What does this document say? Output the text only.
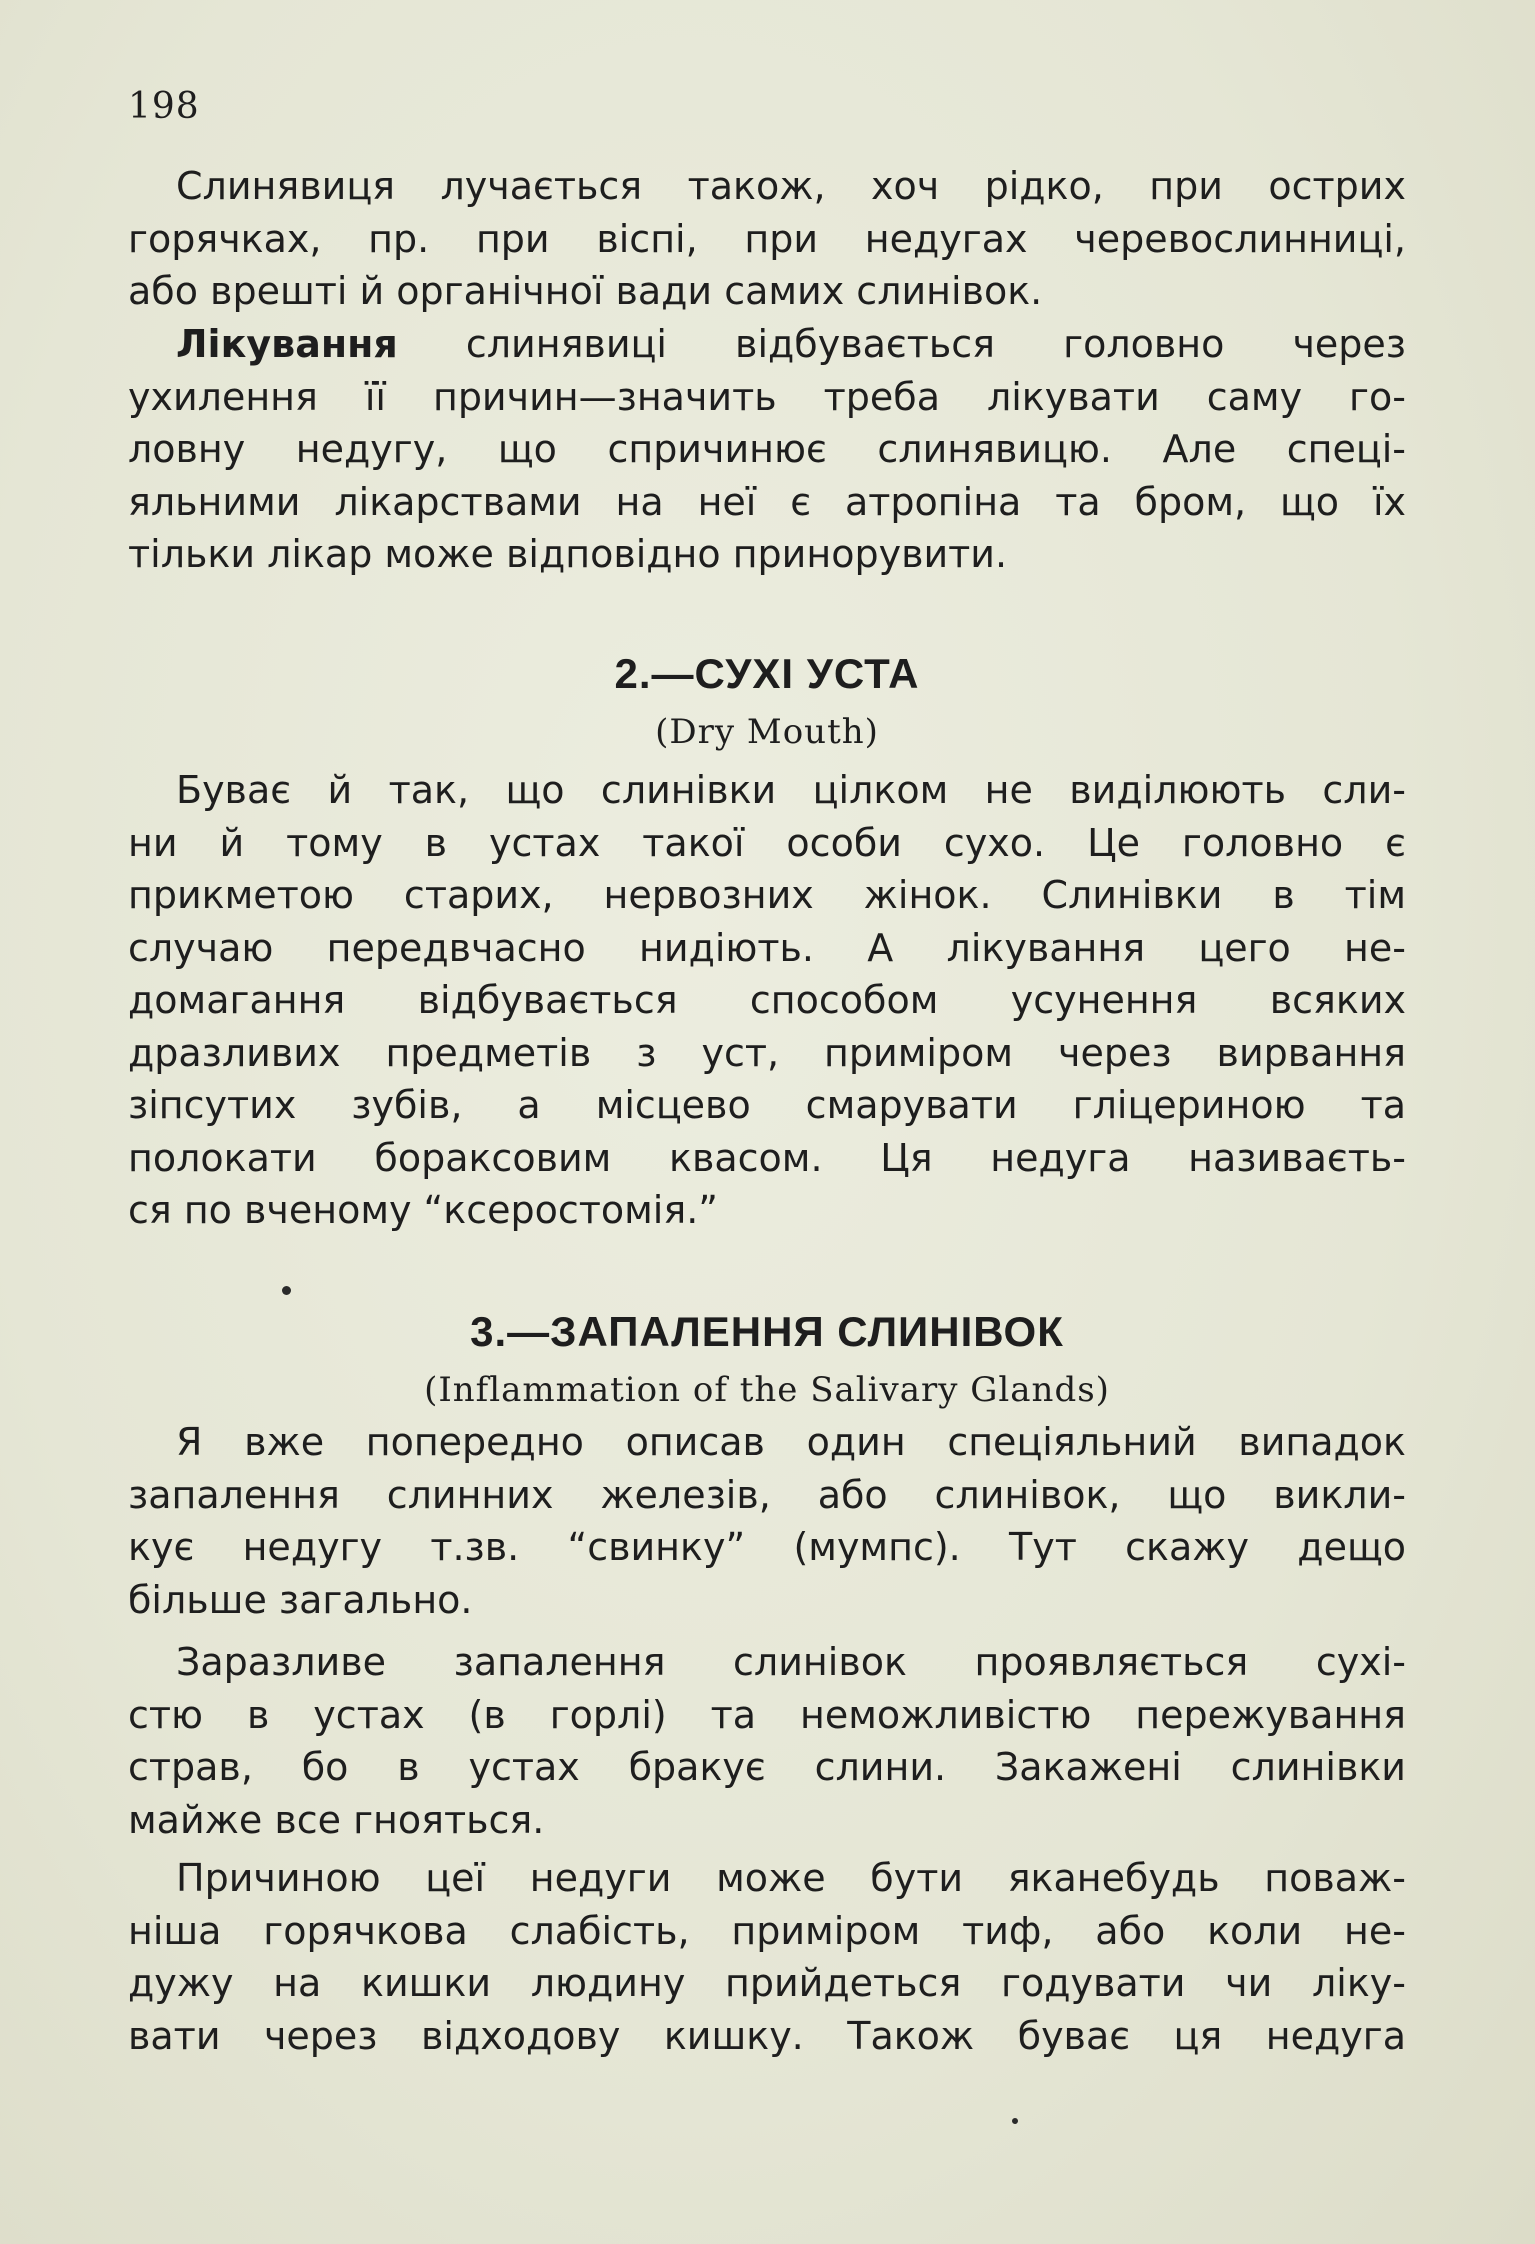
198

Слинявиця лучається також, хоч рідко, при острих
горячках, пр. при віспі, при недугах черевослинниці,
або врешті й органічної вади самих слинівок.

Лікування слинявиці відбувається головно через
ухилення її причин—значить треба лікувати саму го-
ловну недугу, що спричинює слинявицю. Але спеці-
яльними лікарствами на неї є атропіна та бром, що їх
тільки лікар може відповідно принорувити.

2.—СУХІ УСТА
(Dry Mouth)

Буває й так, що слинівки цілком не виділюють сли-
ни й тому в устах такої особи сухо. Це головно є
прикметою старих, нервозних жінок. Слинівки в тім
случаю передвчасно нидіють. А лікування цего не-
домагання відбувається способом усунення всяких
дразливих предметів з уст, приміром через вирвання
зіпсутих зубів, а місцево смарувати гліцериною та
полокати бораксовим квасом. Ця недуга називаєть-
ся по вченому “ксеростомія.”

3.—ЗАПАЛЕННЯ СЛИНІВОК
(Inflammation of the Salivary Glands)

Я вже попередно описав один спеціяльний випадок
запалення слинних железів, або слинівок, що викли-
кує недугу т.зв. “свинку” (мумпс). Тут скажу дещо
більше загально.

Заразливе запалення слинівок проявляється сухі-
стю в устах (в горлі) та неможливістю пережування
страв, бо в устах бракує слини. Закажені слинівки
майже все гнояться.

Причиною цеї недуги може бути яканебудь поваж-
ніша горячкова слабість, приміром тиф, або коли не-
дужу на кишки людину прийдеться годувати чи ліку-
вати через відходову кишку. Також буває ця недуга
